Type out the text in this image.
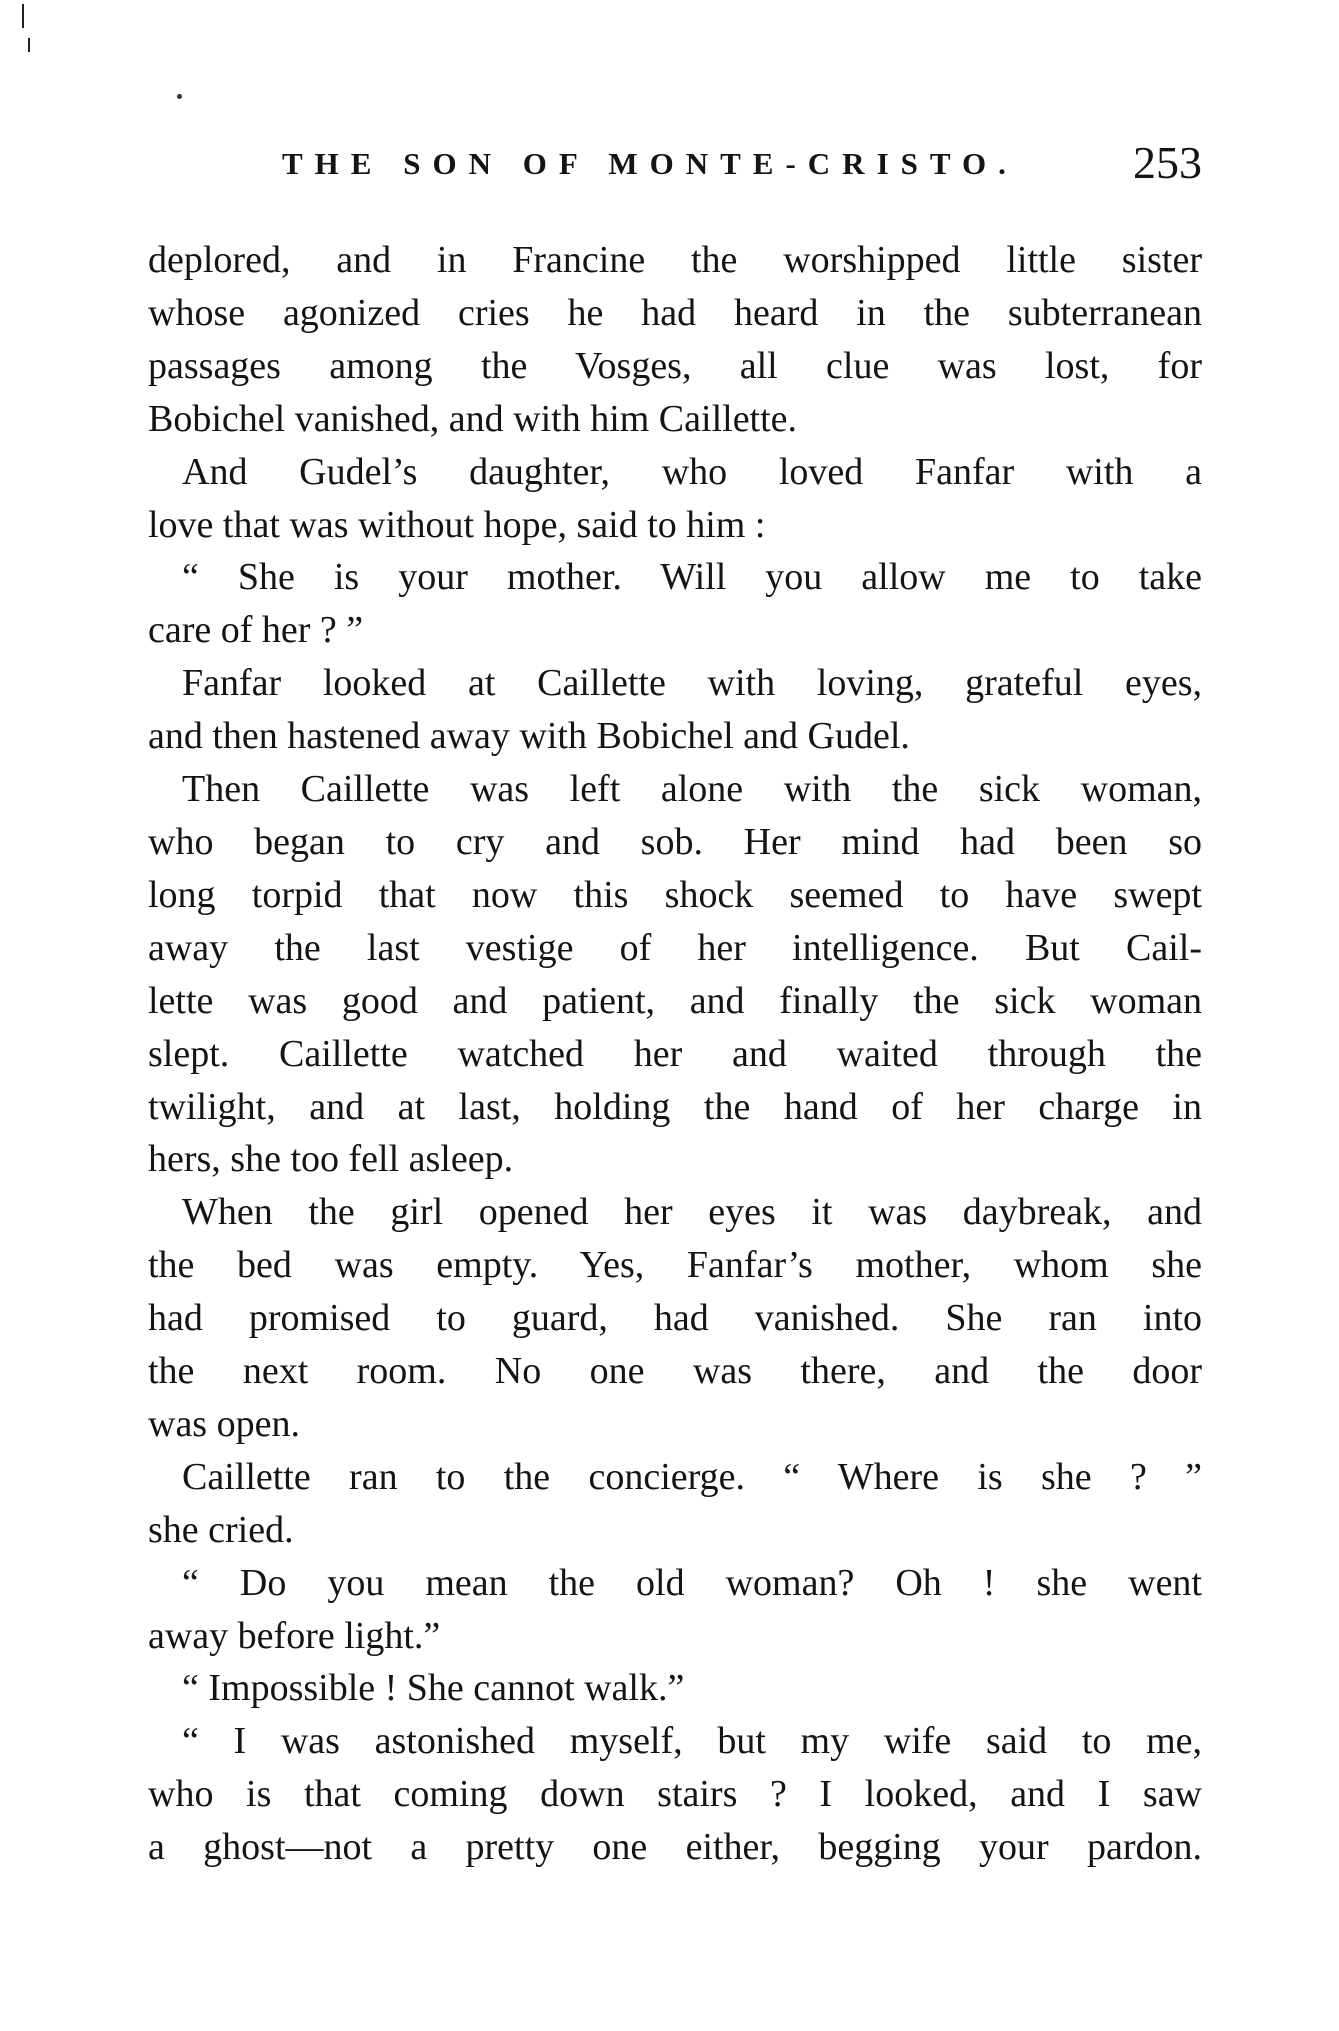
THE SON OF MONTE-CRISTO.	253
deplored, and in Francine the worshipped little sister
whose agonized cries he had heard in the subterranean
passages among the Vosges, all clue was lost, for
Bobichel vanished, and with him Caillette.
And Gudel’s daughter, who loved Fanfar with a
love that was without hope, said to him :
“ She is your mother. Will you allow me to take
care of her ? ”
Fanfar looked at Caillette with loving, grateful eyes,
and then hastened away with Bobichel and Gudel.
Then Caillette was left alone with the sick woman,
who began to cry and sob. Her mind had been so
long torpid that now this shock seemed to have swept
away the last vestige of her intelligence. But Cail-
lette was good and patient, and finally the sick woman
slept. Caillette watched her and waited through the
twilight, and at last, holding the hand of her charge in
hers, she too fell asleep.
When the girl opened her eyes it was daybreak, and
the bed was empty. Yes, Fanfar’s mother, whom she
had promised to guard, had vanished. She ran into
the next room. No one was there, and the door
was open.
Caillette ran to the concierge. “ Where is she ? ”
she cried.
“ Do you mean the old woman? Oh ! she went
away before light.”
“ Impossible ! She cannot walk.”
“ I was astonished myself, but my wife said to me,
who is that coming down stairs ? I looked, and I saw
a ghost—not a pretty one either, begging your pardon.
